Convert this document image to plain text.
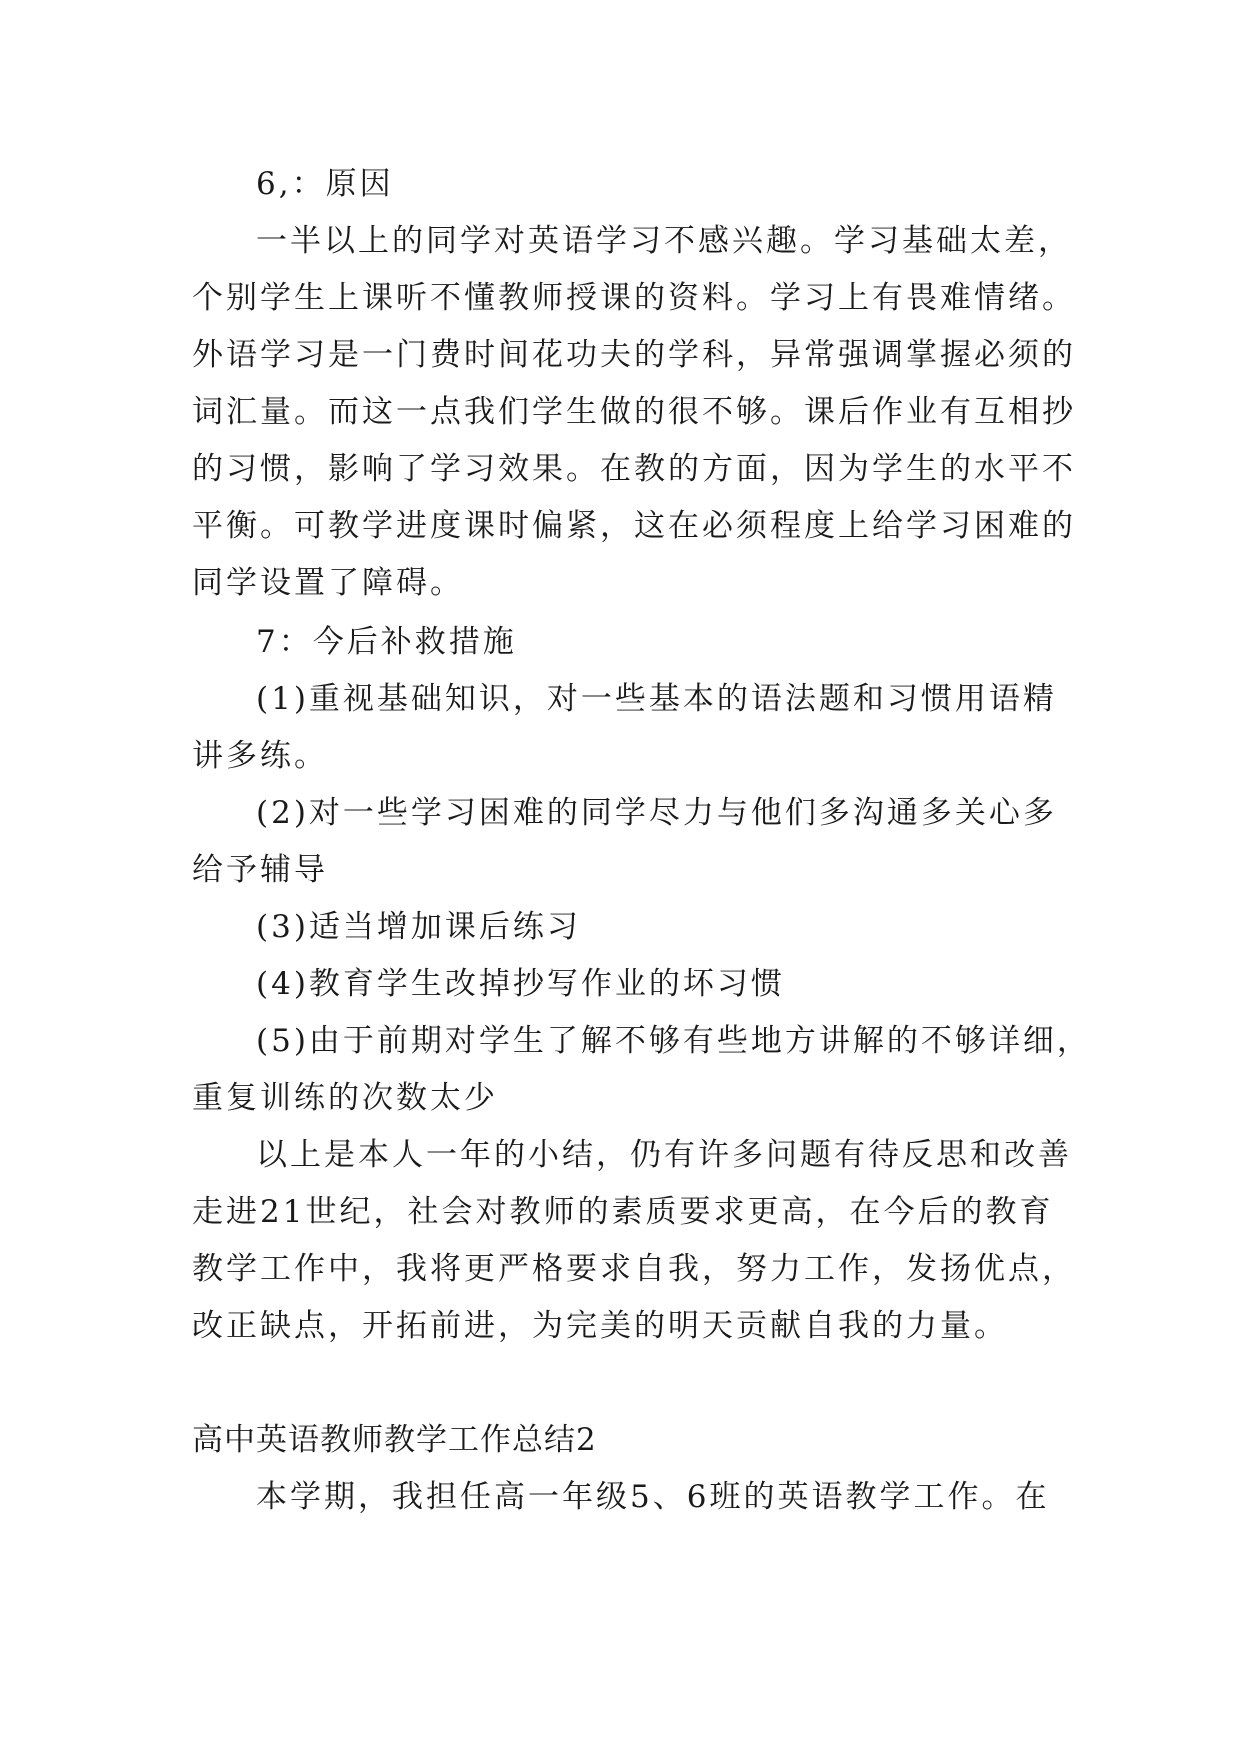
6,：原因
一半以上的同学对英语学习不感兴趣。学习基础太差，
个别学生上课听不懂教师授课的资料。学习上有畏难情绪。
外语学习是一门费时间花功夫的学科，异常强调掌握必须的
词汇量。而这一点我们学生做的很不够。课后作业有互相抄
的习惯，影响了学习效果。在教的方面，因为学生的水平不
平衡。可教学进度课时偏紧，这在必须程度上给学习困难的
同学设置了障碍。
7：今后补救措施
(1)重视基础知识，对一些基本的语法题和习惯用语精
讲多练。
(2)对一些学习困难的同学尽力与他们多沟通多关心多
给予辅导
(3)适当增加课后练习
(4)教育学生改掉抄写作业的坏习惯
(5)由于前期对学生了解不够有些地方讲解的不够详细，
重复训练的次数太少
以上是本人一年的小结，仍有许多问题有待反思和改善
走进21世纪，社会对教师的素质要求更高，在今后的教育
教学工作中，我将更严格要求自我，努力工作，发扬优点，
改正缺点，开拓前进，为完美的明天贡献自我的力量。
高中英语教师教学工作总结2
本学期，我担任高一年级5、6班的英语教学工作。在
